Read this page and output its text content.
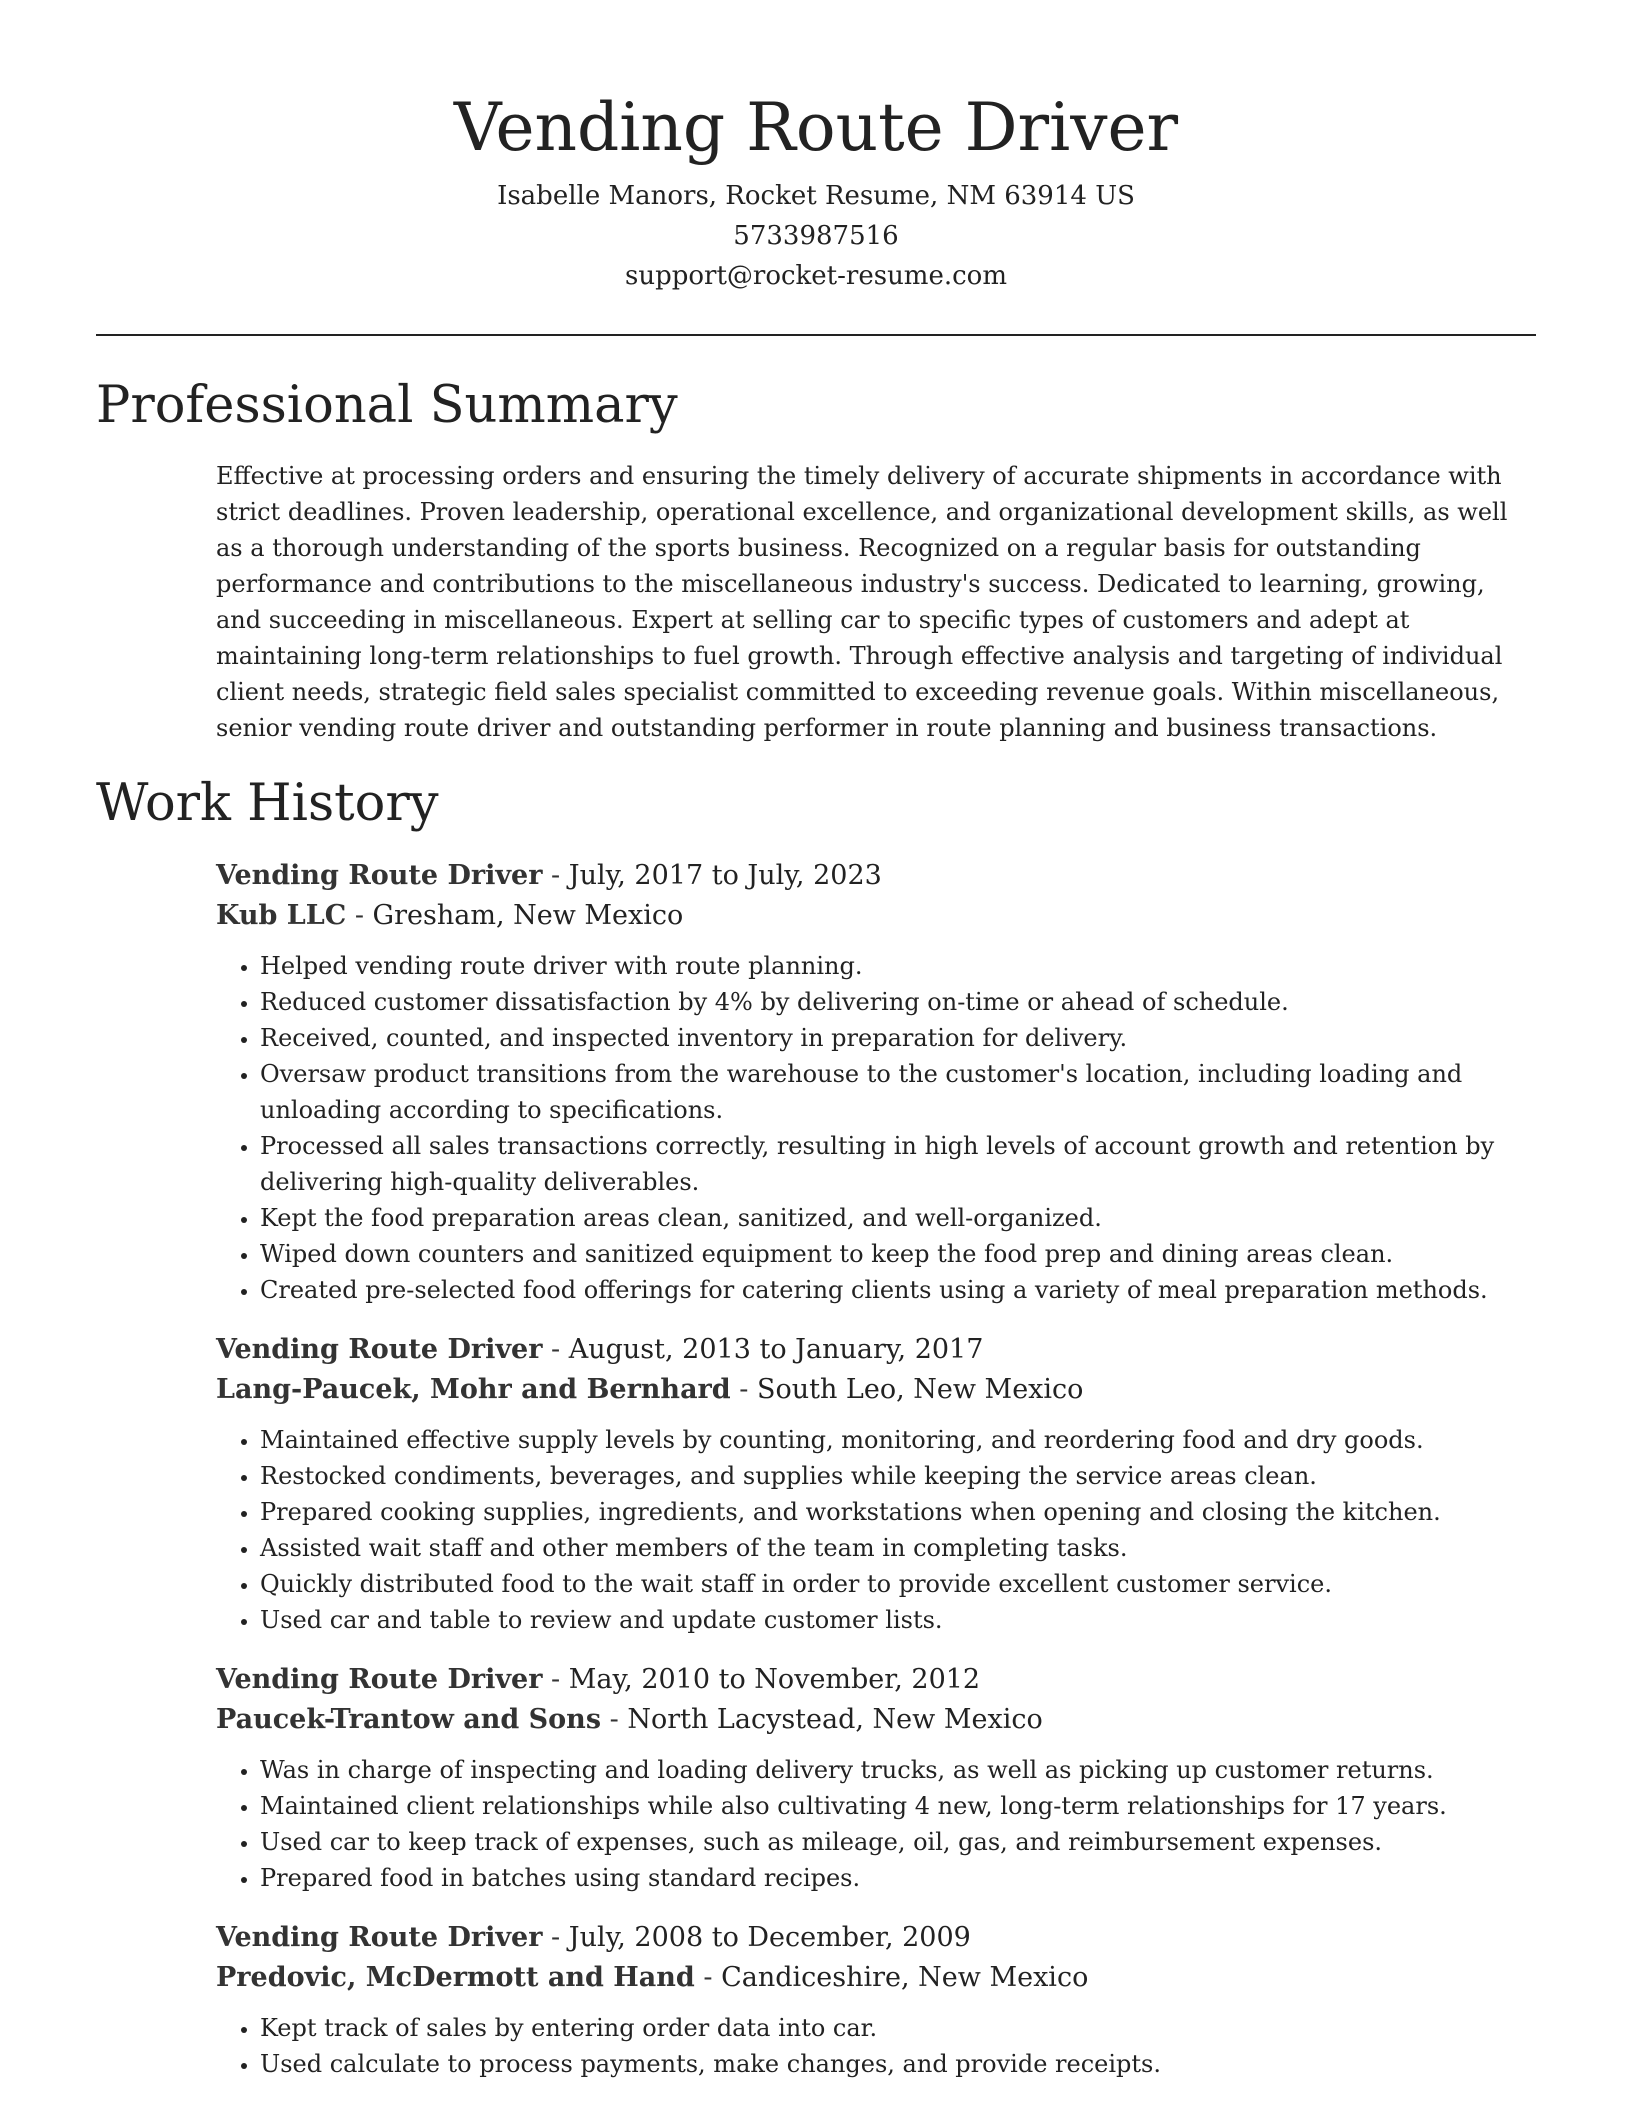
Vending Route Driver
Isabelle Manors, Rocket Resume, NM 63914 US
5733987516
support@rocket-resume.com
Professional Summary

Effective at processing orders and ensuring the timely delivery of accurate shipments in accordance with strict deadlines. Proven leadership, operational excellence, and organizational development skills, as well as a thorough understanding of the sports business. Recognized on a regular basis for outstanding performance and contributions to the miscellaneous industry's success. Dedicated to learning, growing, and succeeding in miscellaneous. Expert at selling car to specific types of customers and adept at maintaining long-term relationships to fuel growth. Through effective analysis and targeting of individual client needs, strategic field sales specialist committed to exceeding revenue goals. Within miscellaneous, senior vending route driver and outstanding performer in route planning and business transactions.

Work History
Vending Route Driver - July, 2017 to July, 2023
Kub LLC - Gresham, New Mexico
• Helped vending route driver with route planning.
• Reduced customer dissatisfaction by 4% by delivering on-time or ahead of schedule.
• Received, counted, and inspected inventory in preparation for delivery.
• Oversaw product transitions from the warehouse to the customer's location, including loading and unloading according to specifications.
• Processed all sales transactions correctly, resulting in high levels of account growth and retention by delivering high-quality deliverables.
• Kept the food preparation areas clean, sanitized, and well-organized.
• Wiped down counters and sanitized equipment to keep the food prep and dining areas clean.
• Created pre-selected food offerings for catering clients using a variety of meal preparation methods.
Vending Route Driver - August, 2013 to January, 2017
Lang-Paucek, Mohr and Bernhard - South Leo, New Mexico
• Maintained effective supply levels by counting, monitoring, and reordering food and dry goods.
• Restocked condiments, beverages, and supplies while keeping the service areas clean.
• Prepared cooking supplies, ingredients, and workstations when opening and closing the kitchen.
• Assisted wait staff and other members of the team in completing tasks.
• Quickly distributed food to the wait staff in order to provide excellent customer service.
• Used car and table to review and update customer lists.
Vending Route Driver - May, 2010 to November, 2012
Paucek-Trantow and Sons - North Lacystead, New Mexico
• Was in charge of inspecting and loading delivery trucks, as well as picking up customer returns.
• Maintained client relationships while also cultivating 4 new, long-term relationships for 17 years.
• Used car to keep track of expenses, such as mileage, oil, gas, and reimbursement expenses.
• Prepared food in batches using standard recipes.
Vending Route Driver - July, 2008 to December, 2009
Predovic, McDermott and Hand - Candiceshire, New Mexico
• Kept track of sales by entering order data into car.
• Used calculate to process payments, make changes, and provide receipts.
